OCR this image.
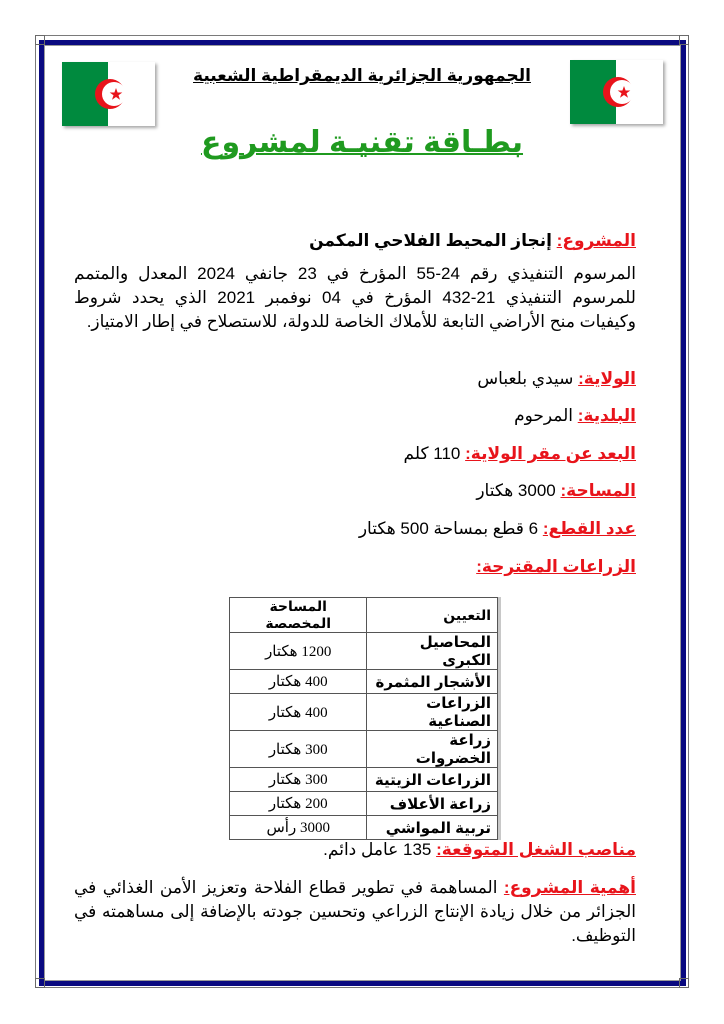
الجمهورية الجزائرية الديمقراطية الشعبية
بطـاقة تقنيـة لمشروع
المشروع: إنجاز المحيط الفلاحي المكمن
المرسوم التنفيذي رقم 24-55 المؤرخ في 23 جانفي 2024 المعدل والمتمم للمرسوم التنفيذي 21-432 المؤرخ في 04 نوفمبر 2021 الذي يحدد شروط وكيفيات منح الأراضي التابعة للأملاك الخاصة للدولة، للاستصلاح في إطار الامتياز.
الولاية: سيدي بلعباس
البلدية: المرحوم
البعد عن مقر الولاية: 110 كلم
المساحة: 3000 هكتار
عدد القطع: 6 قطع بمساحة 500 هكتار
الزراعات المقترحة:
التعيين	المساحة المخصصة
المحاصيل الكبرى	1200 هكتار
الأشجار المثمرة	400 هكتار
الزراعات الصناعية	400 هكتار
زراعة الخضروات	300 هكتار
الزراعات الزيتية	300 هكتار
زراعة الأعلاف	200 هكتار
تربية المواشي	3000 رأس
مناصب الشغل المتوقعة: 135 عامل دائم.
أهمية المشروع: المساهمة في تطوير قطاع الفلاحة وتعزيز الأمن الغذائي في الجزائر من خلال زيادة الإنتاج الزراعي وتحسين جودته بالإضافة إلى مساهمته في التوظيف.
